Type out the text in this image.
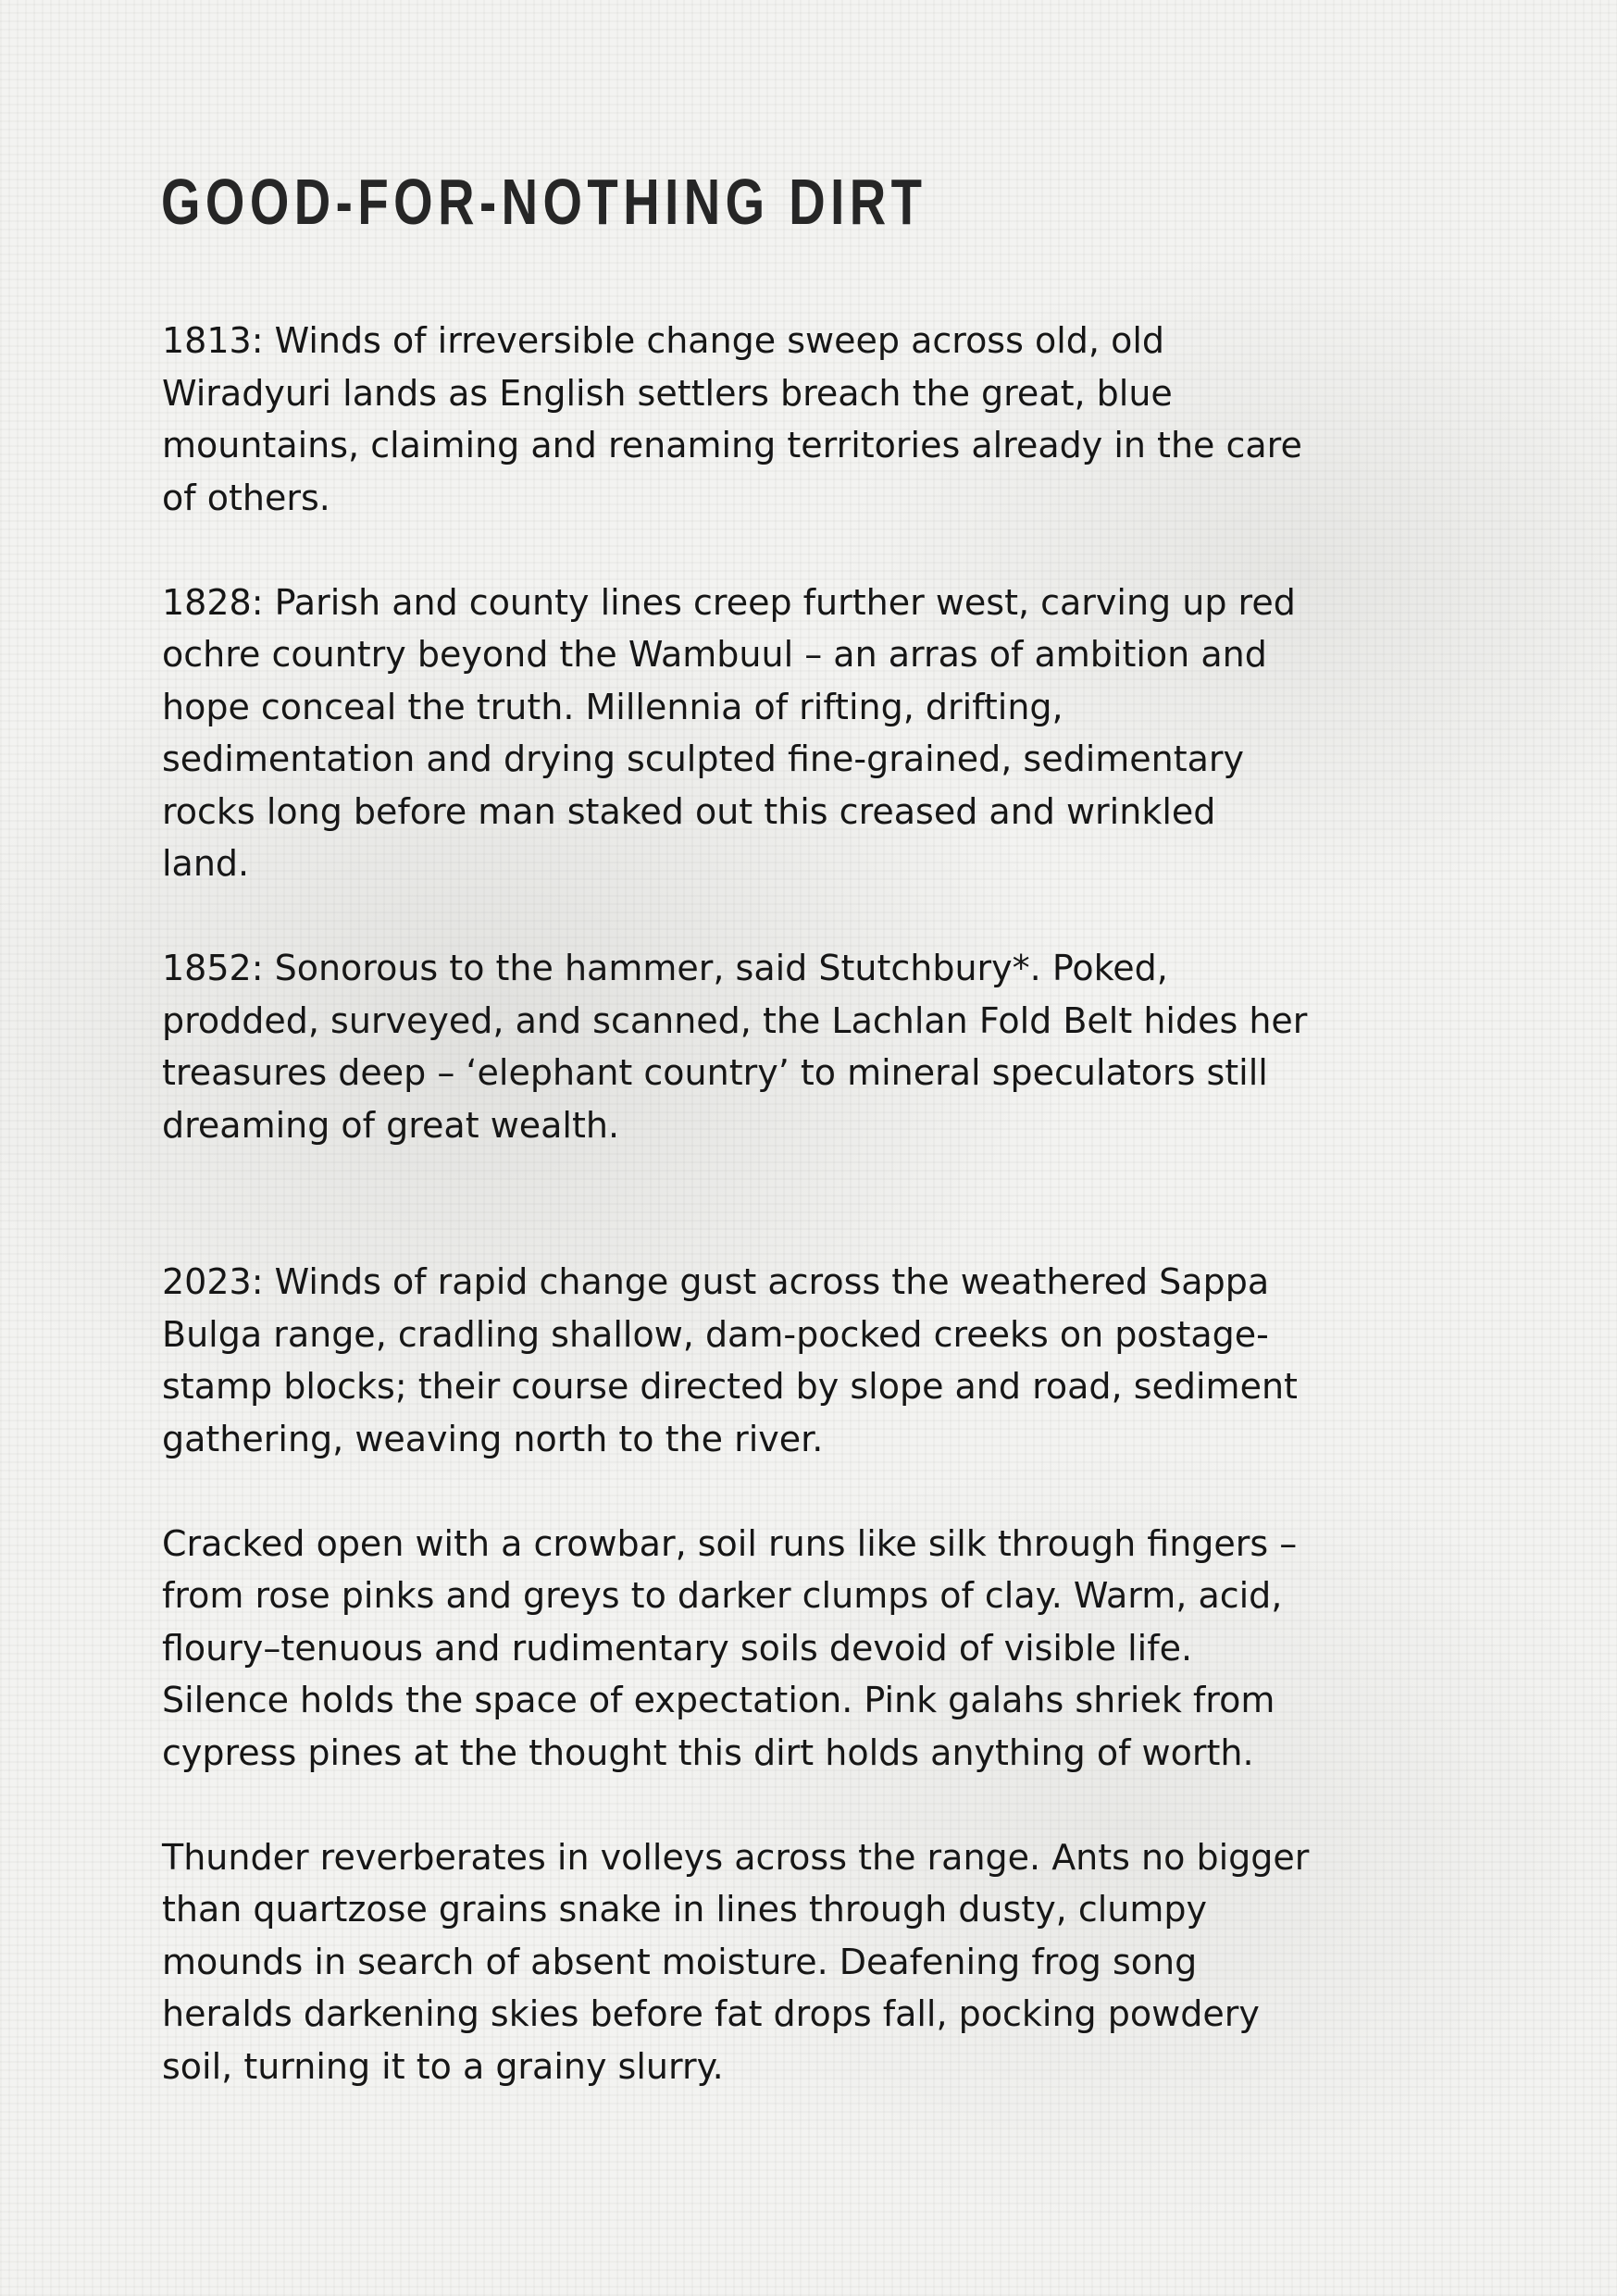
GOOD-FOR-NOTHING DIRT

1813: Winds of irreversible change sweep across old, old
Wiradyuri lands as English settlers breach the great, blue
mountains, claiming and renaming territories already in the care
of others.

1828: Parish and county lines creep further west, carving up red
ochre country beyond the Wambuul – an arras of ambition and
hope conceal the truth. Millennia of rifting, drifting,
sedimentation and drying sculpted fine-grained, sedimentary
rocks long before man staked out this creased and wrinkled
land.

1852: Sonorous to the hammer, said Stutchbury*. Poked,
prodded, surveyed, and scanned, the Lachlan Fold Belt hides her
treasures deep – ‘elephant country’ to mineral speculators still
dreaming of great wealth.

2023: Winds of rapid change gust across the weathered Sappa
Bulga range, cradling shallow, dam-pocked creeks on postage-
stamp blocks; their course directed by slope and road, sediment
gathering, weaving north to the river.

Cracked open with a crowbar, soil runs like silk through fingers –
from rose pinks and greys to darker clumps of clay. Warm, acid,
floury–tenuous and rudimentary soils devoid of visible life.
Silence holds the space of expectation. Pink galahs shriek from
cypress pines at the thought this dirt holds anything of worth.

Thunder reverberates in volleys across the range. Ants no bigger
than quartzose grains snake in lines through dusty, clumpy
mounds in search of absent moisture. Deafening frog song
heralds darkening skies before fat drops fall, pocking powdery
soil, turning it to a grainy slurry.
